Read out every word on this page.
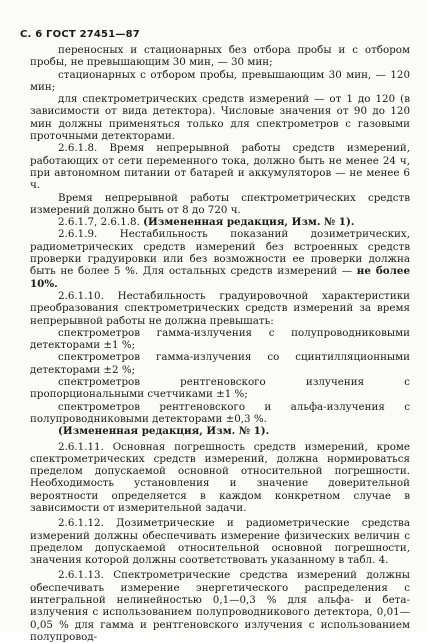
С. 6 ГОСТ 27451—87

переносных и стационарных без отбора пробы и с отбором пробы, не превышающим 30 мин, — 30 мин;

стационарных с отбором пробы, превышающим 30 мин, — 120 мин;

для спектрометрических средств измерений — от 1 до 120 (в зависимости от вида детектора). Числовые значения от 90 до 120 мин должны применяться только для спектрометров с газовыми проточными детекторами.

2.6.1.8. Время непрерывной работы средств измерений, работающих от сети переменного тока, должно быть не менее 24 ч, при автономном питании от батарей и аккумуляторов — не менее 6 ч.

Время непрерывной работы спектрометрических средств измерений должно быть от 8 до 720 ч.

2.6.1.7, 2.6.1.8. (Измененная редакция, Изм. № 1).

2.6.1.9. Нестабильность показаний дозиметрических, радиометрических средств измерений без встроенных средств проверки градуировки или без возможности ее проверки должна быть не более 5 %. Для остальных средств измерений — не более 10%.

2.6.1.10. Нестабильность градуировочной характеристики преобразования спектрометрических средств измерений за время непрерывной работы не должна превышать:

спектрометров гамма-излучения с полупроводниковыми детекторами ±1 %;

спектрометров гамма-излучения со сцинтилляционными детекторами ±2 %;

спектрометров рентгеновского излучения с пропорциональными счетчиками ±1 %;

спектрометров рентгеновского и альфа-излучения с полупроводниковыми детекторами ±0,3 %.

(Измененная редакция, Изм. № 1).

2.6.1.11. Основная погрешность средств измерений, кроме спектрометрических средств измерений, должна нормироваться пределом допускаемой основной относительной погрешности. Необходимость установления и значение доверительной вероятности определяется в каждом конкретном случае в зависимости от измерительной задачи.

2.6.1.12. Дозиметрические и радиометрические средства измерений должны обеспечивать измерение физических величин с пределом допускаемой относительной основной погрешности, значения которой должны соответствовать указанному в табл. 4.

2.6.1.13. Спектрометрические средства измерений должны обеспечивать измерение энергетического распределения с интегральной нелинейностью 0,1—0,3 % для альфа- и бета-излучения с использованием полупроводникового детектора, 0,01—0,05 % для гамма и рентгеновского излучения с использованием полупровод-
